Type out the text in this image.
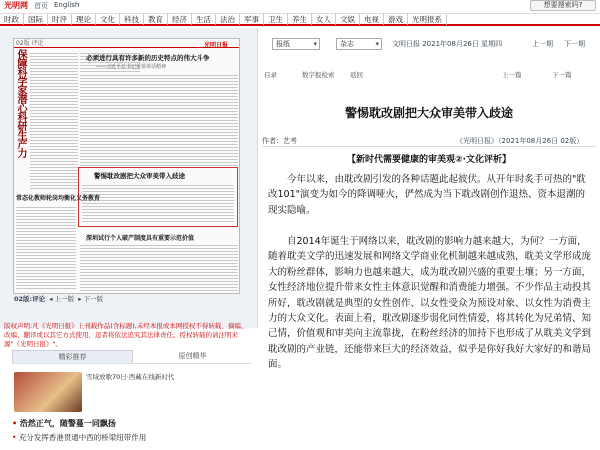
光明网 首页 English	想要搜索吗?
时政	国际	时评	理论	文化	科技	教育	经济	生活	法治	军事	卫生	养生	女人	文娱	电视	游戏	光明报系
02版 评论	光明日报
保障科学家潜心科研生产力	必须进行具有许多新的历史特点的伟大斗争
——习近平总书记重要讲话精神
警惕耽改剧把大众审美带入歧途
常态化教师轮岗均衡化义务教育
深圳试行个人破产制度具有重要示范价值
02版:评论  ◂ 上一版  ▸ 下一版
版权声明:凡《光明日报》上刊载作品(含标题),未经本报或本网授权不得转载、摘编、改编、翻译或以其它方式使用，违者将依法追究其法律责任。授权转载的请注明来源"《光明日报》"。
精彩推荐	原创精华
雪域放歌70日·西藏在线新时代
• 浩然正气，随警蔓一同飘扬
• 充分发挥香港贯通中西的桥梁纽带作用
报纸 ▾	杂志 ▾	文明日报 2021年08月26日 星期四	上一期 下一期
目录	数字报检索 返回	上一篇	下一篇
警惕耽改剧把大众审美带入歧途
作者：艺考	《光明日报》（2021年08月26日 02版）
【新时代需要健康的审美观②·文化评析】

今年以来，由耽改剧引发的各种话题此起彼伏。从开年时炙手可热的"耽改101"演变为如今的降调哑火，俨然成为当下耽改剧创作退热、资本退潮的现实隐喻。

自2014年诞生于网络以来，耽改剧的影响力越来越大，为何？一方面，随着耽美文学的迅速发展和网络文学商业化机制越来越成熟，耽美文学形成庞大的粉丝群体，影响力也越来越大，成为耽改剧兴盛的重要土壤；另一方面，女性经济地位提升带来女性主体意识觉醒和消费能力增强。不少作品主动投其所好，耽改剧就是典型的女性创作、以女性受众为预设对象、以女性为消费主力的大众文化。表面上看，耽改剧逐步弱化同性情爱，将其转化为兄弟情、知己情，价值观和审美向主流靠拢，在粉丝经济的加持下也形成了从耽美文学到耽改剧的产业链，还能带来巨大的经济效益，似乎是你好我好大家好的和谐局面。
